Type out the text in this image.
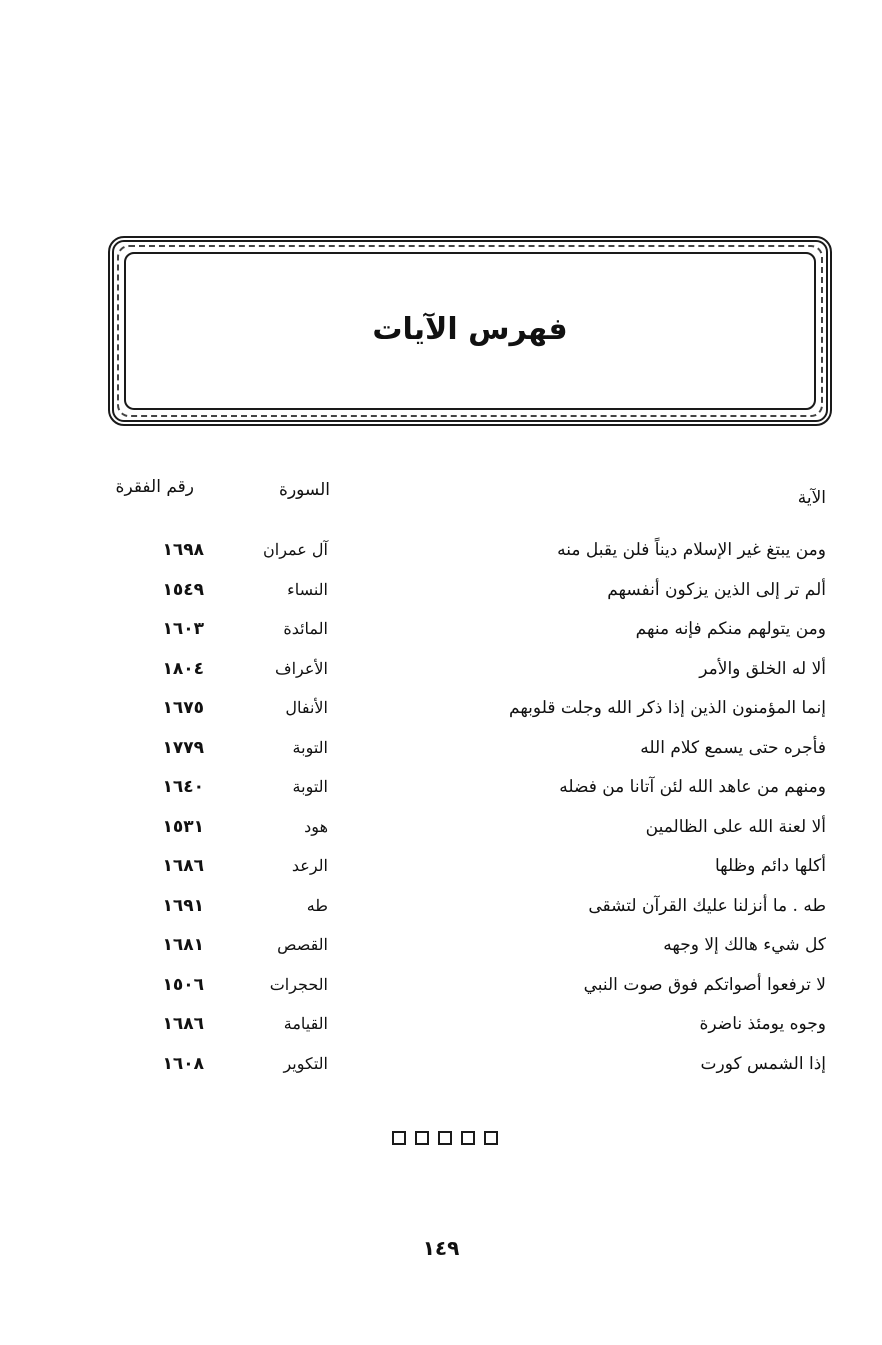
فهرس الآيات
الآية
السورة
رقم الفقرة
ومن يبتغ غير الإسلام ديناً فلن يقبل منه
آل عمران
١٦٩٨
ألم تر إلى الذين يزكون أنفسهم
النساء
١٥٤٩
ومن يتولهم منكم فإنه منهم
المائدة
١٦٠٣
ألا له الخلق والأمر
الأعراف
١٨٠٤
إنما المؤمنون الذين إذا ذكر الله وجلت قلوبهم
الأنفال
١٦٧٥
فأجره حتى يسمع كلام الله
التوبة
١٧٧٩
ومنهم من عاهد الله لئن آتانا من فضله
التوبة
١٦٤٠
ألا لعنة الله على الظالمين
هود
١٥٣١
أكلها دائم وظلها
الرعد
١٦٨٦
طه . ما أنزلنا عليك القرآن لتشقى
طه
١٦٩١
كل شيء هالك إلا وجهه
القصص
١٦٨١
لا ترفعوا أصواتكم فوق صوت النبي
الحجرات
١٥٠٦
وجوه يومئذ ناضرة
القيامة
١٦٨٦
إذا الشمس كورت
التكوير
١٦٠٨
١٤٩
